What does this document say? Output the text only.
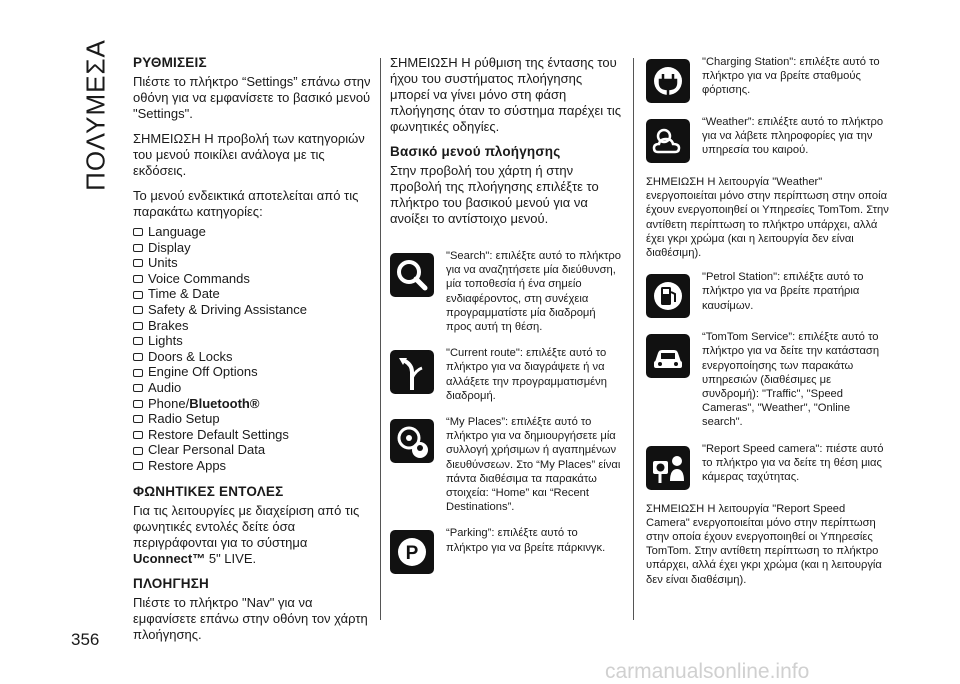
ΠΟΛΥΜΕΣΑ ΡΥΘΜΙΣΕΙΣ

Πιέστε το πλήκτρο “Settings” επάνω στην οθόνη για να εμφανίσετε το βασικό μενού "Settings".

ΣΗΜΕΙΩΣΗ Η προβολή των κατηγοριών του μενού ποικίλει ανάλογα με τις εκδόσεις.

Το μενού ενδεικτικά αποτελείται από τις παρακάτω κατηγορίες:

Language
Display
Units
Voice Commands
Time & Date
Safety & Driving Assistance
Brakes
Lights
Doors & Locks
Engine Off Options
Audio
Phone/ Bluetooth®
Radio Setup
Restore Default Settings
Clear Personal Data
Restore Apps
ΦΩΝΗΤΙΚΕΣ ΕΝΤΟΛΕΣ

Για τις λειτουργίες με διαχείριση από τις φωνητικές εντολές δείτε όσα περιγράφονται για το σύστημα Uconnect™ 5" LIVE.

ΠΛΟΗΓΗΣΗ

Πιέστε το πλήκτρο "Nav" για να εμφανίσετε επάνω στην οθόνη τον χάρτη πλοήγησης.

ΣΗΜΕΙΩΣΗ Η ρύθμιση της έντασης του ήχου του συστήματος πλοήγησης μπορεί να γίνει μόνο στη φάση πλοήγησης όταν το σύστημα παρέχει τις φωνητικές οδηγίες.

Βασικό μενού πλοήγησης

Στην προβολή του χάρτη ή στην προβολή της πλοήγησης επιλέξτε το πλήκτρο του βασικού μενού για να ανοίξει το αντίστοιχο μενού.

"Search": επιλέξτε αυτό το πλήκτρο για να αναζητήσετε μία διεύθυνση, μία τοποθεσία ή ένα σημείο ενδιαφέροντος, στη συνέχεια προγραμματίστε μία διαδρομή προς αυτή τη θέση.

"Current route": επιλέξτε αυτό το πλήκτρο για να διαγράψετε ή να αλλάξετε την προγραμματισμένη διαδρομή.

“My Places”: επιλέξτε αυτό το πλήκτρο για να δημιουργήσετε μία συλλογή χρήσιμων ή αγαπημένων διευθύνσεων. Στο “My Places” είναι πάντα διαθέσιμα τα παρακάτω στοιχεία: “Home” και “Recent Destinations”.

P

“Parking”: επιλέξτε αυτό το πλήκτρο για να βρείτε πάρκινγκ.

"Charging Station": επιλέξτε αυτό το πλήκτρο για να βρείτε σταθμούς φόρτισης.

“Weather”: επιλέξτε αυτό το πλήκτρο για να λάβετε πληροφορίες για την υπηρεσία του καιρού.

ΣΗΜΕΙΩΣΗ Η λειτουργία "Weather" ενεργοποιείται μόνο στην περίπτωση στην οποία έχουν ενεργοποιηθεί οι Υπηρεσίες TomTom. Στην αντίθετη περίπτωση το πλήκτρο υπάρχει, αλλά έχει γκρι χρώμα (και η λειτουργία δεν είναι διαθέσιμη).

"Petrol Station": επιλέξτε αυτό το πλήκτρο για να βρείτε πρατήρια καυσίμων.

“TomTom Service”: επιλέξτε αυτό το πλήκτρο για να δείτε την κατάσταση ενεργοποίησης των παρακάτω υπηρεσιών (διαθέσιμες με συνδρομή): "Traffic", "Speed Cameras", "Weather", "Online search".

"Report Speed camera": πιέστε αυτό το πλήκτρο για να δείτε τη θέση μιας κάμερας ταχύτητας.

ΣΗΜΕΙΩΣΗ Η λειτουργία "Report Speed Camera" ενεργοποιείται μόνο στην περίπτωση στην οποία έχουν ενεργοποιηθεί οι Υπηρεσίες TomTom. Στην αντίθετη περίπτωση το πλήκτρο υπάρχει, αλλά έχει γκρι χρώμα (και η λειτουργία δεν είναι διαθέσιμη).

356
carmanualsonline.info
